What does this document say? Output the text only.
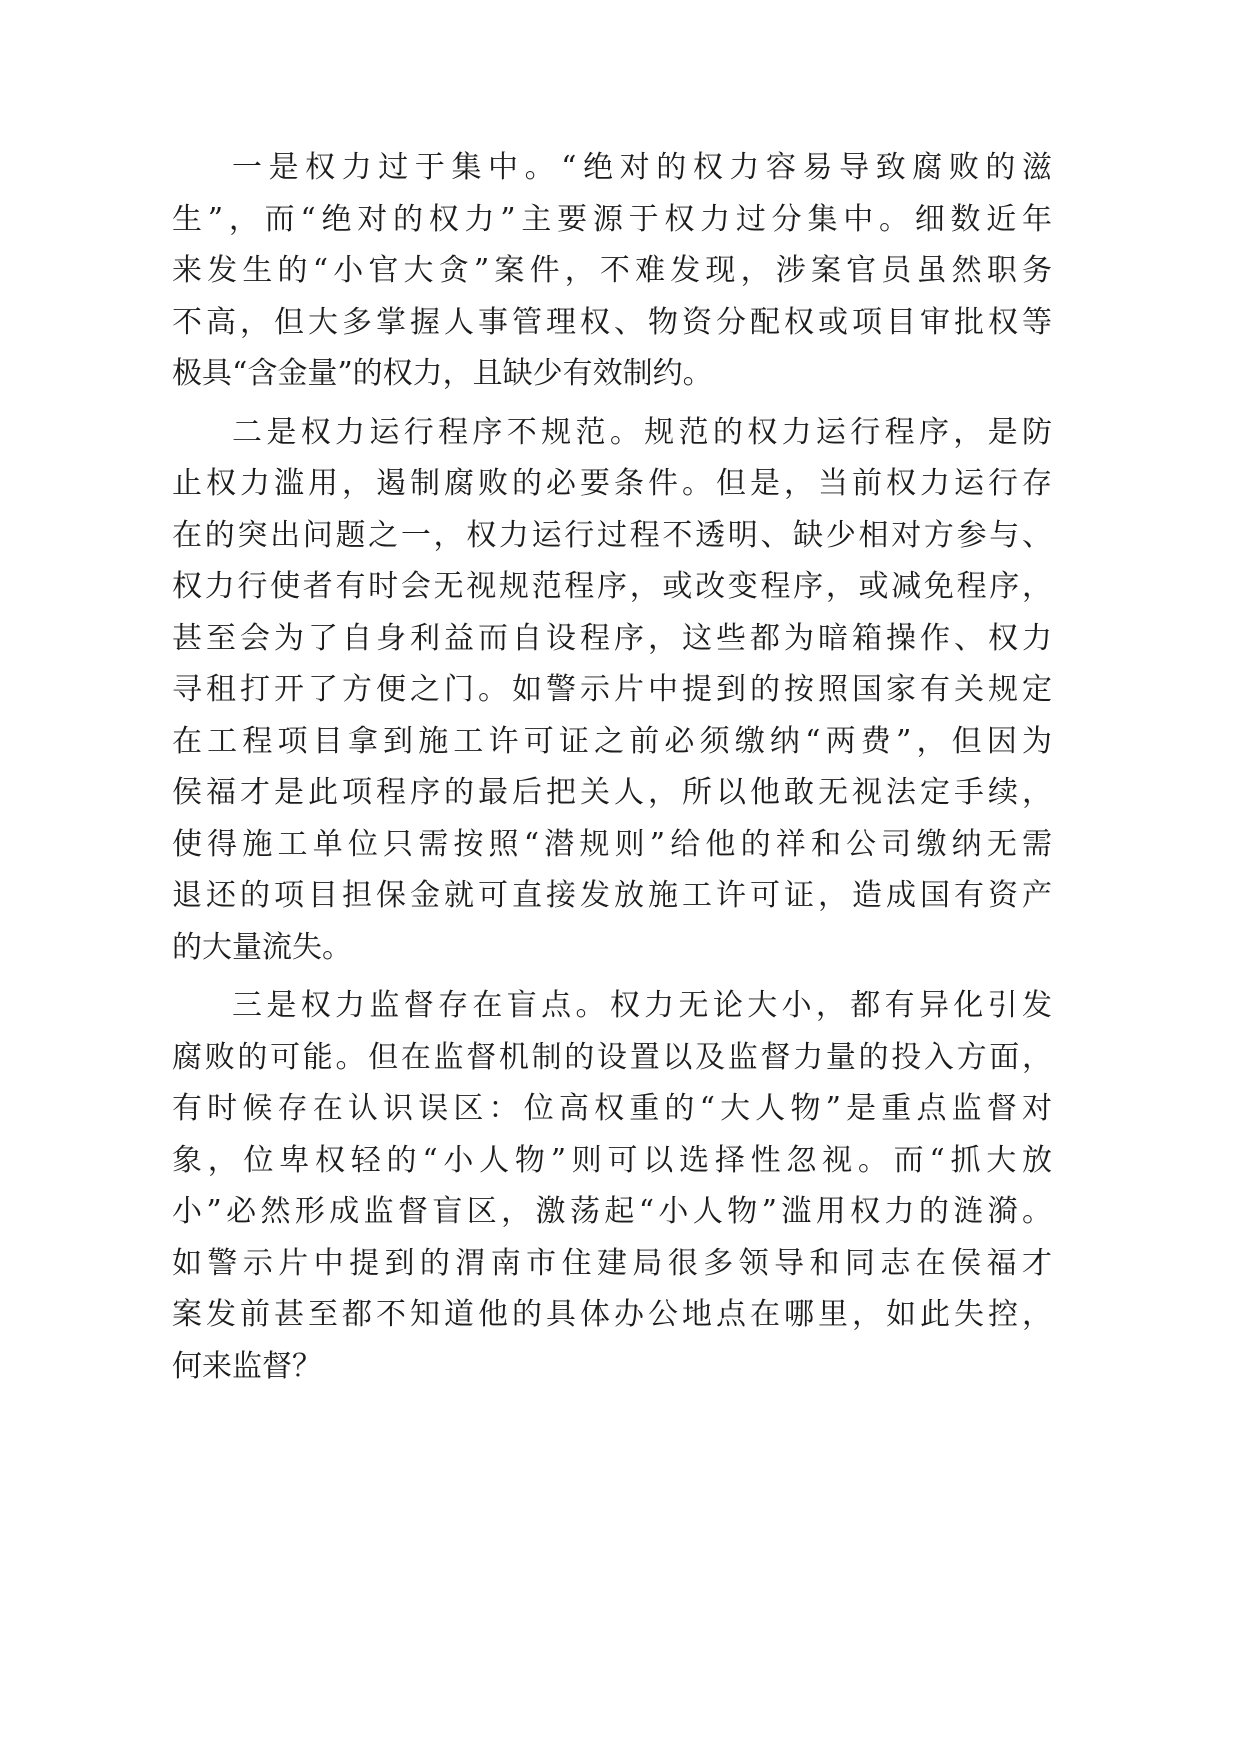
一是权力过于集中。“绝对的权力容易导致腐败的滋
生”，而“绝对的权力”主要源于权力过分集中。细数近年
来发生的“小官大贪”案件，不难发现，涉案官员虽然职务
不高，但大多掌握人事管理权、物资分配权或项目审批权等
极具“含金量”的权力，且缺少有效制约。
二是权力运行程序不规范。规范的权力运行程序，是防
止权力滥用，遏制腐败的必要条件。但是，当前权力运行存
在的突出问题之一，权力运行过程不透明、缺少相对方参与、
权力行使者有时会无视规范程序，或改变程序，或减免程序，
甚至会为了自身利益而自设程序，这些都为暗箱操作、权力
寻租打开了方便之门。如警示片中提到的按照国家有关规定
在工程项目拿到施工许可证之前必须缴纳“两费”，但因为
侯福才是此项程序的最后把关人，所以他敢无视法定手续，
使得施工单位只需按照“潜规则”给他的祥和公司缴纳无需
退还的项目担保金就可直接发放施工许可证，造成国有资产
的大量流失。
三是权力监督存在盲点。权力无论大小，都有异化引发
腐败的可能。但在监督机制的设置以及监督力量的投入方面，
有时候存在认识误区：位高权重的“大人物”是重点监督对
象，位卑权轻的“小人物”则可以选择性忽视。而“抓大放
小”必然形成监督盲区，激荡起“小人物”滥用权力的涟漪。
如警示片中提到的渭南市住建局很多领导和同志在侯福才
案发前甚至都不知道他的具体办公地点在哪里，如此失控，
何来监督？
